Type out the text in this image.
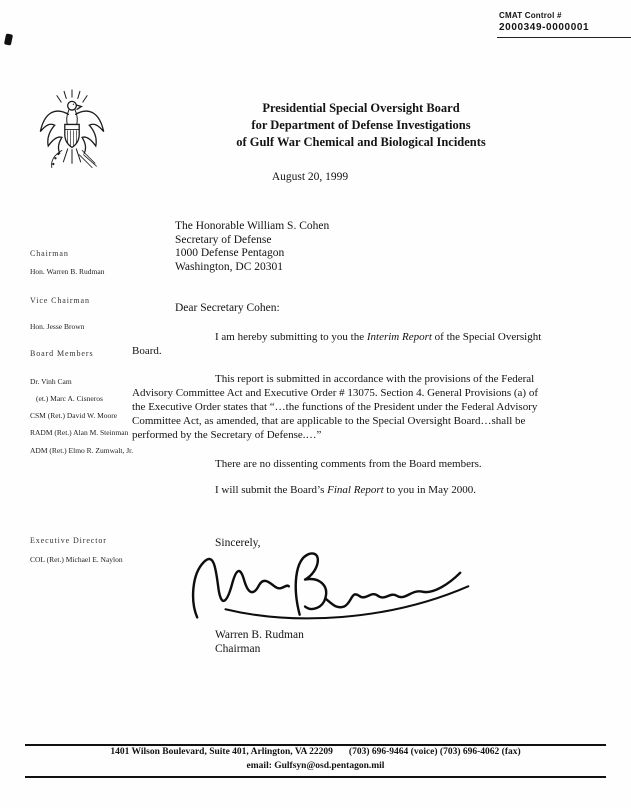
CMAT Control #
2000349-0000001
Presidential Special Oversight Board
for Department of Defense Investigations
of Gulf War Chemical and Biological Incidents
August 20, 1999
Chairman
Hon. Warren B. Rudman
Vice Chairman
Hon. Jesse Brown
Board Members
Dr. Vinh Cam
(et.) Marc A. Cisneros
CSM (Ret.) David W. Moore
RADM (Ret.) Alan M. Steinman
ADM (Ret.) Elmo R. Zumwalt, Jr.
Executive Director
COL (Ret.) Michael E. Naylon
The Honorable William S. Cohen
Secretary of Defense
1000 Defense Pentagon
Washington, DC 20301
Dear Secretary Cohen:
I am hereby submitting to you the Interim Report of the Special Oversight Board.
This report is submitted in accordance with the provisions of the Federal Advisory Committee Act and Executive Order # 13075. Section 4. General Provisions (a) of the Executive Order states that “…the functions of the President under the Federal Advisory Committee Act, as amended, that are applicable to the Special Oversight Board…shall be performed by the Secretary of Defense.…”
There are no dissenting comments from the Board members.
I will submit the Board’s Final Report to you in May 2000.
Sincerely,
Warren B. Rudman
Chairman
1401 Wilson Boulevard, Suite 401, Arlington, VA 22209 (703) 696-9464 (voice) (703) 696-4062 (fax)
email: Gulfsyn@osd.pentagon.mil
